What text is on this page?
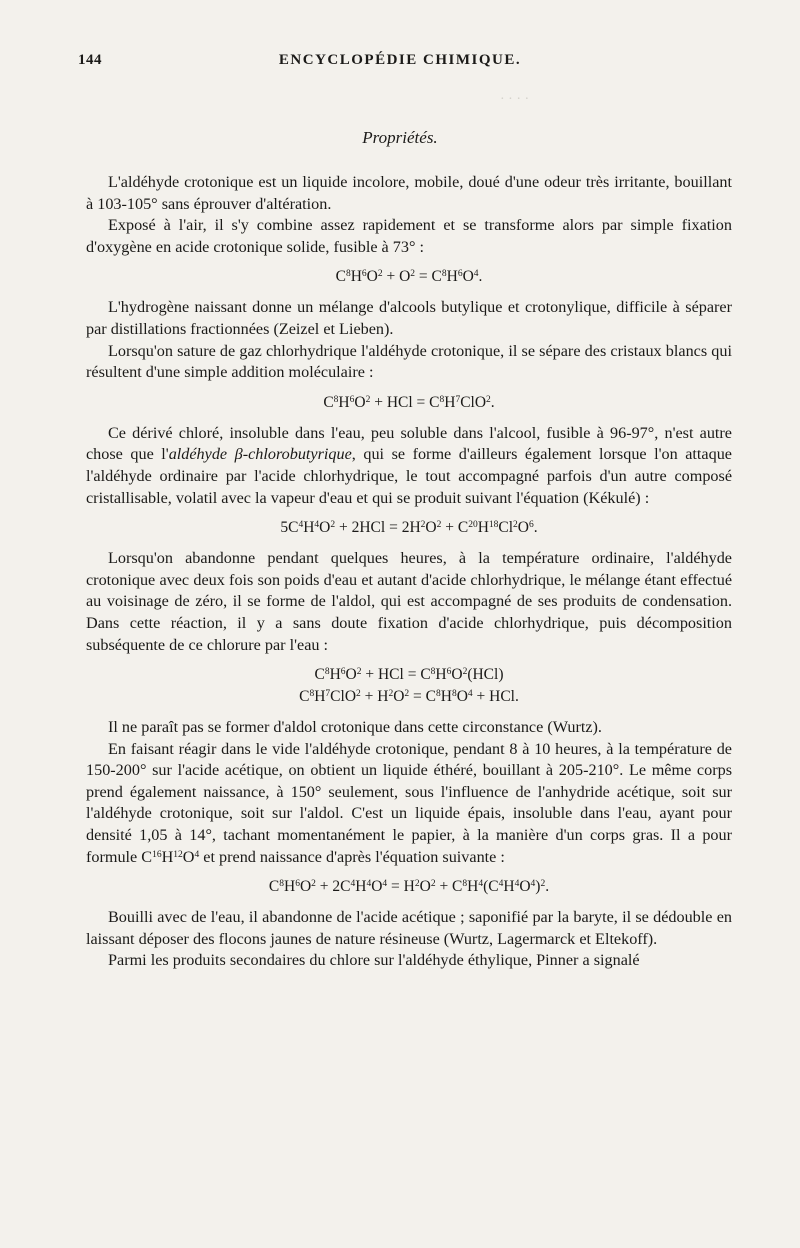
· · · ·
144	ENCYCLOPÉDIE CHIMIQUE.
Propriétés.

L'aldéhyde crotonique est un liquide incolore, mobile, doué d'une odeur très irritante, bouillant à 103-105° sans éprouver d'altération.

Exposé à l'air, il s'y combine assez rapidement et se transforme alors par simple fixation d'oxygène en acide crotonique solide, fusible à 73° :

$C^8H^6O^2 + O^2 = C^8H^6O^4$.

L'hydrogène naissant donne un mélange d'alcools butylique et crotonylique, difficile à séparer par distillations fractionnées (Zeizel et Lieben).

Lorsqu'on sature de gaz chlorhydrique l'aldéhyde crotonique, il se sépare des cristaux blancs qui résultent d'une simple addition moléculaire :

$C^8H^6O^2$ + HCl = $C^8H^7ClO^2$.

Ce dérivé chloré, insoluble dans l'eau, peu soluble dans l'alcool, fusible à 96-97°, n'est autre chose que l'aldéhyde β-chlorobutyrique, qui se forme d'ailleurs également lorsque l'on attaque l'aldéhyde ordinaire par l'acide chlorhydrique, le tout accompagné parfois d'un autre composé cristallisable, volatil avec la vapeur d'eau et qui se produit suivant l'équation (Kékulé) :

$5C^4H^4O^2 + 2HCl = 2H^2O^2 + C^{20}H^{18}Cl^2O^6$.

Lorsqu'on abandonne pendant quelques heures, à la température ordinaire, l'aldéhyde crotonique avec deux fois son poids d'eau et autant d'acide chlorhydrique, le mélange étant effectué au voisinage de zéro, il se forme de l'aldol, qui est accompagné de ses produits de condensation. Dans cette réaction, il y a sans doute fixation d'acide chlorhydrique, puis décomposition subséquente de ce chlorure par l'eau :

$C^8H^6O^2$ + HCl = $C^8H^6O^2(HCl)$
$C^8H^7ClO^2 + H^2O^2 = C^8H^8O^4$ + HCl.

Il ne paraît pas se former d'aldol crotonique dans cette circonstance (Wurtz).

En faisant réagir dans le vide l'aldéhyde crotonique, pendant 8 à 10 heures, à la température de 150-200° sur l'acide acétique, on obtient un liquide éthéré, bouillant à 205-210°. Le même corps prend également naissance, à 150° seulement, sous l'influence de l'anhydride acétique, soit sur l'aldéhyde crotonique, soit sur l'aldol. C'est un liquide épais, insoluble dans l'eau, ayant pour densité 1,05 à 14°, tachant momentanément le papier, à la manière d'un corps gras. Il a pour formule $C^{16}H^{12}O^4$ et prend naissance d'après l'équation suivante :

$C^8H^6O^2 + 2C^4H^4O^4 = H^2O^2 + C^8H^4(C^4H^4O^4)^2$.

Bouilli avec de l'eau, il abandonne de l'acide acétique ; saponifié par la baryte, il se dédouble en laissant déposer des flocons jaunes de nature résineuse (Wurtz, Lagermarck et Eltekoff).

Parmi les produits secondaires du chlore sur l'aldéhyde éthylique, Pinner a signalé
